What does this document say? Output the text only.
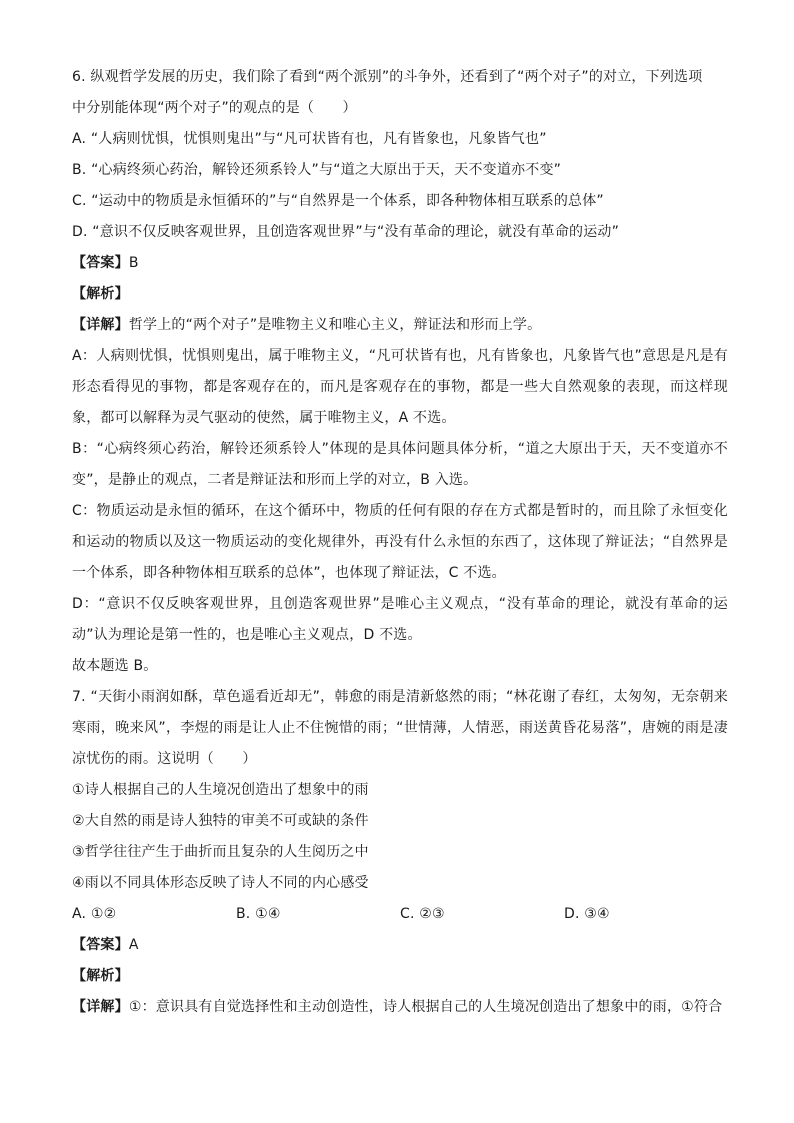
6. 纵观哲学发展的历史，我们除了看到“两个派别”的斗争外，还看到了“两个对子”的对立，下列选项

中分别能体现“两个对子”的观点的是（　　）

A. “人病则忧惧，忧惧则鬼出”与“凡可状皆有也，凡有皆象也，凡象皆气也”

B. “心病终须心药治，解铃还须系铃人”与“道之大原出于天，天不变道亦不变”

C. “运动中的物质是永恒循环的”与“自然界是一个体系，即各种物体相互联系的总体”

D. “意识不仅反映客观世界，且创造客观世界”与“没有革命的理论，就没有革命的运动”

【答案】B

【解析】

【详解】哲学上的“两个对子”是唯物主义和唯心主义，辩证法和形而上学。

A：人病则忧惧，忧惧则鬼出，属于唯物主义，“凡可状皆有也，凡有皆象也，凡象皆气也”意思是凡是有形态看得见的事物，都是客观存在的，而凡是客观存在的事物，都是一些大自然观象的表现，而这样现象，都可以解释为灵气驱动的使然，属于唯物主义，A 不选。

B：“心病终须心药治，解铃还须系铃人”体现的是具体问题具体分析，“道之大原出于天，天不变道亦不变”，是静止的观点，二者是辩证法和形而上学的对立，B 入选。

C：物质运动是永恒的循环，在这个循环中，物质的任何有限的存在方式都是暂时的，而且除了永恒变化和运动的物质以及这一物质运动的变化规律外，再没有什么永恒的东西了，这体现了辩证法；“自然界是一个体系，即各种物体相互联系的总体”，也体现了辩证法，C 不选。

D：“意识不仅反映客观世界，且创造客观世界”是唯心主义观点，“没有革命的理论，就没有革命的运动”认为理论是第一性的，也是唯心主义观点，D 不选。

故本题选 B。

7. “天街小雨润如酥，草色遥看近却无”，韩愈的雨是清新悠然的雨；“林花谢了春红，太匆匆，无奈朝来寒雨，晚来风”，李煜的雨是让人止不住惋惜的雨；“世情薄，人情恶，雨送黄昏花易落”，唐婉的雨是凄凉忧伤的雨。这说明（　　）

①诗人根据自己的人生境况创造出了想象中的雨

②大自然的雨是诗人独特的审美不可或缺的条件

③哲学往往产生于曲折而且复杂的人生阅历之中

④雨以不同具体形态反映了诗人不同的内心感受

A. ①②	B. ①④	C. ②③	D. ③④

【答案】A

【解析】

【详解】①：意识具有自觉选择性和主动创造性，诗人根据自己的人生境况创造出了想象中的雨，①符合
